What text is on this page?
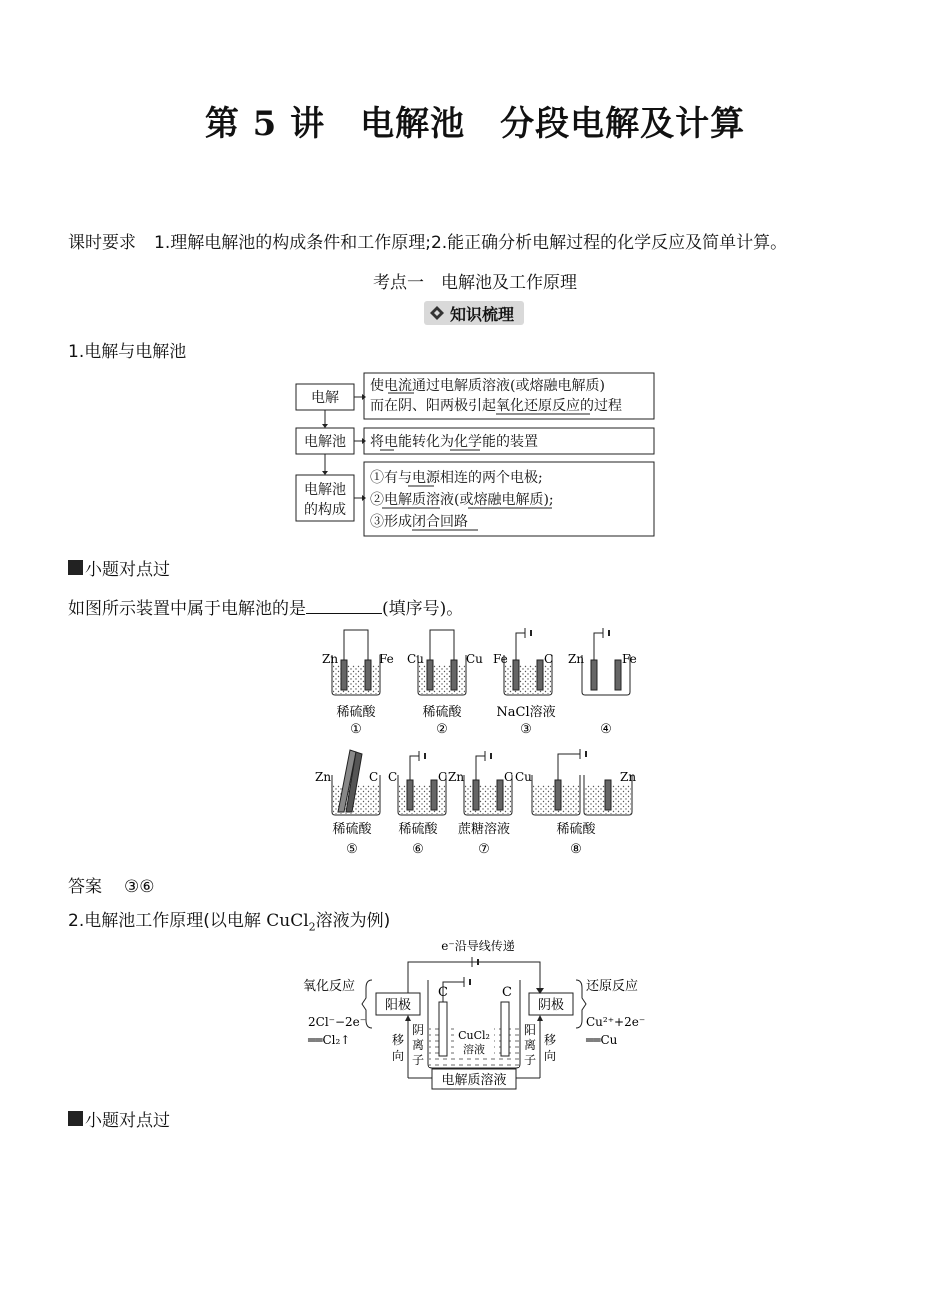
第 5 讲　电解池　分段电解及计算
课时要求 1.理解电解池的构成条件和工作原理;2.能正确分析电解过程的化学反应及简单计算。
考点一　电解池及工作原理
知识梳理
1.电解与电解池
电解
电解池
电解池
的构成
使电流通过电解质溶液(或熔融电解质)
而在阴、阳两极引起氧化还原反应的过程
将电能转化为化学能的装置
①有与电源相连的两个电极;
②电解质溶液(或熔融电解质);
③形成闭合回路
小题对点过
如图所示装置中属于电解池的是	(填序号)。
Zn	Fe
稀硫酸
①
Cu	Cu
稀硫酸
②
Fe	C
NaCl溶液
③
Zn	Fe
④
Zn	C
稀硫酸
⑤
C	C
稀硫酸
⑥
Zn	C
蔗糖溶液
⑦
Cu	Zn
稀硫酸
⑧
答案 ③⑥
2.电解池工作原理(以电解 CuCl$_2$溶液为例)
e⁻沿导线传递
阳极	阴极
氧化反应
2Cl⁻−2e⁻
══Cl₂↑
还原反应
Cu²⁺+2e⁻
══Cu
C	C
CuCl₂
溶液
移
向
阴
离
子
阳
离
子
移
向
电解质溶液
小题对点过
